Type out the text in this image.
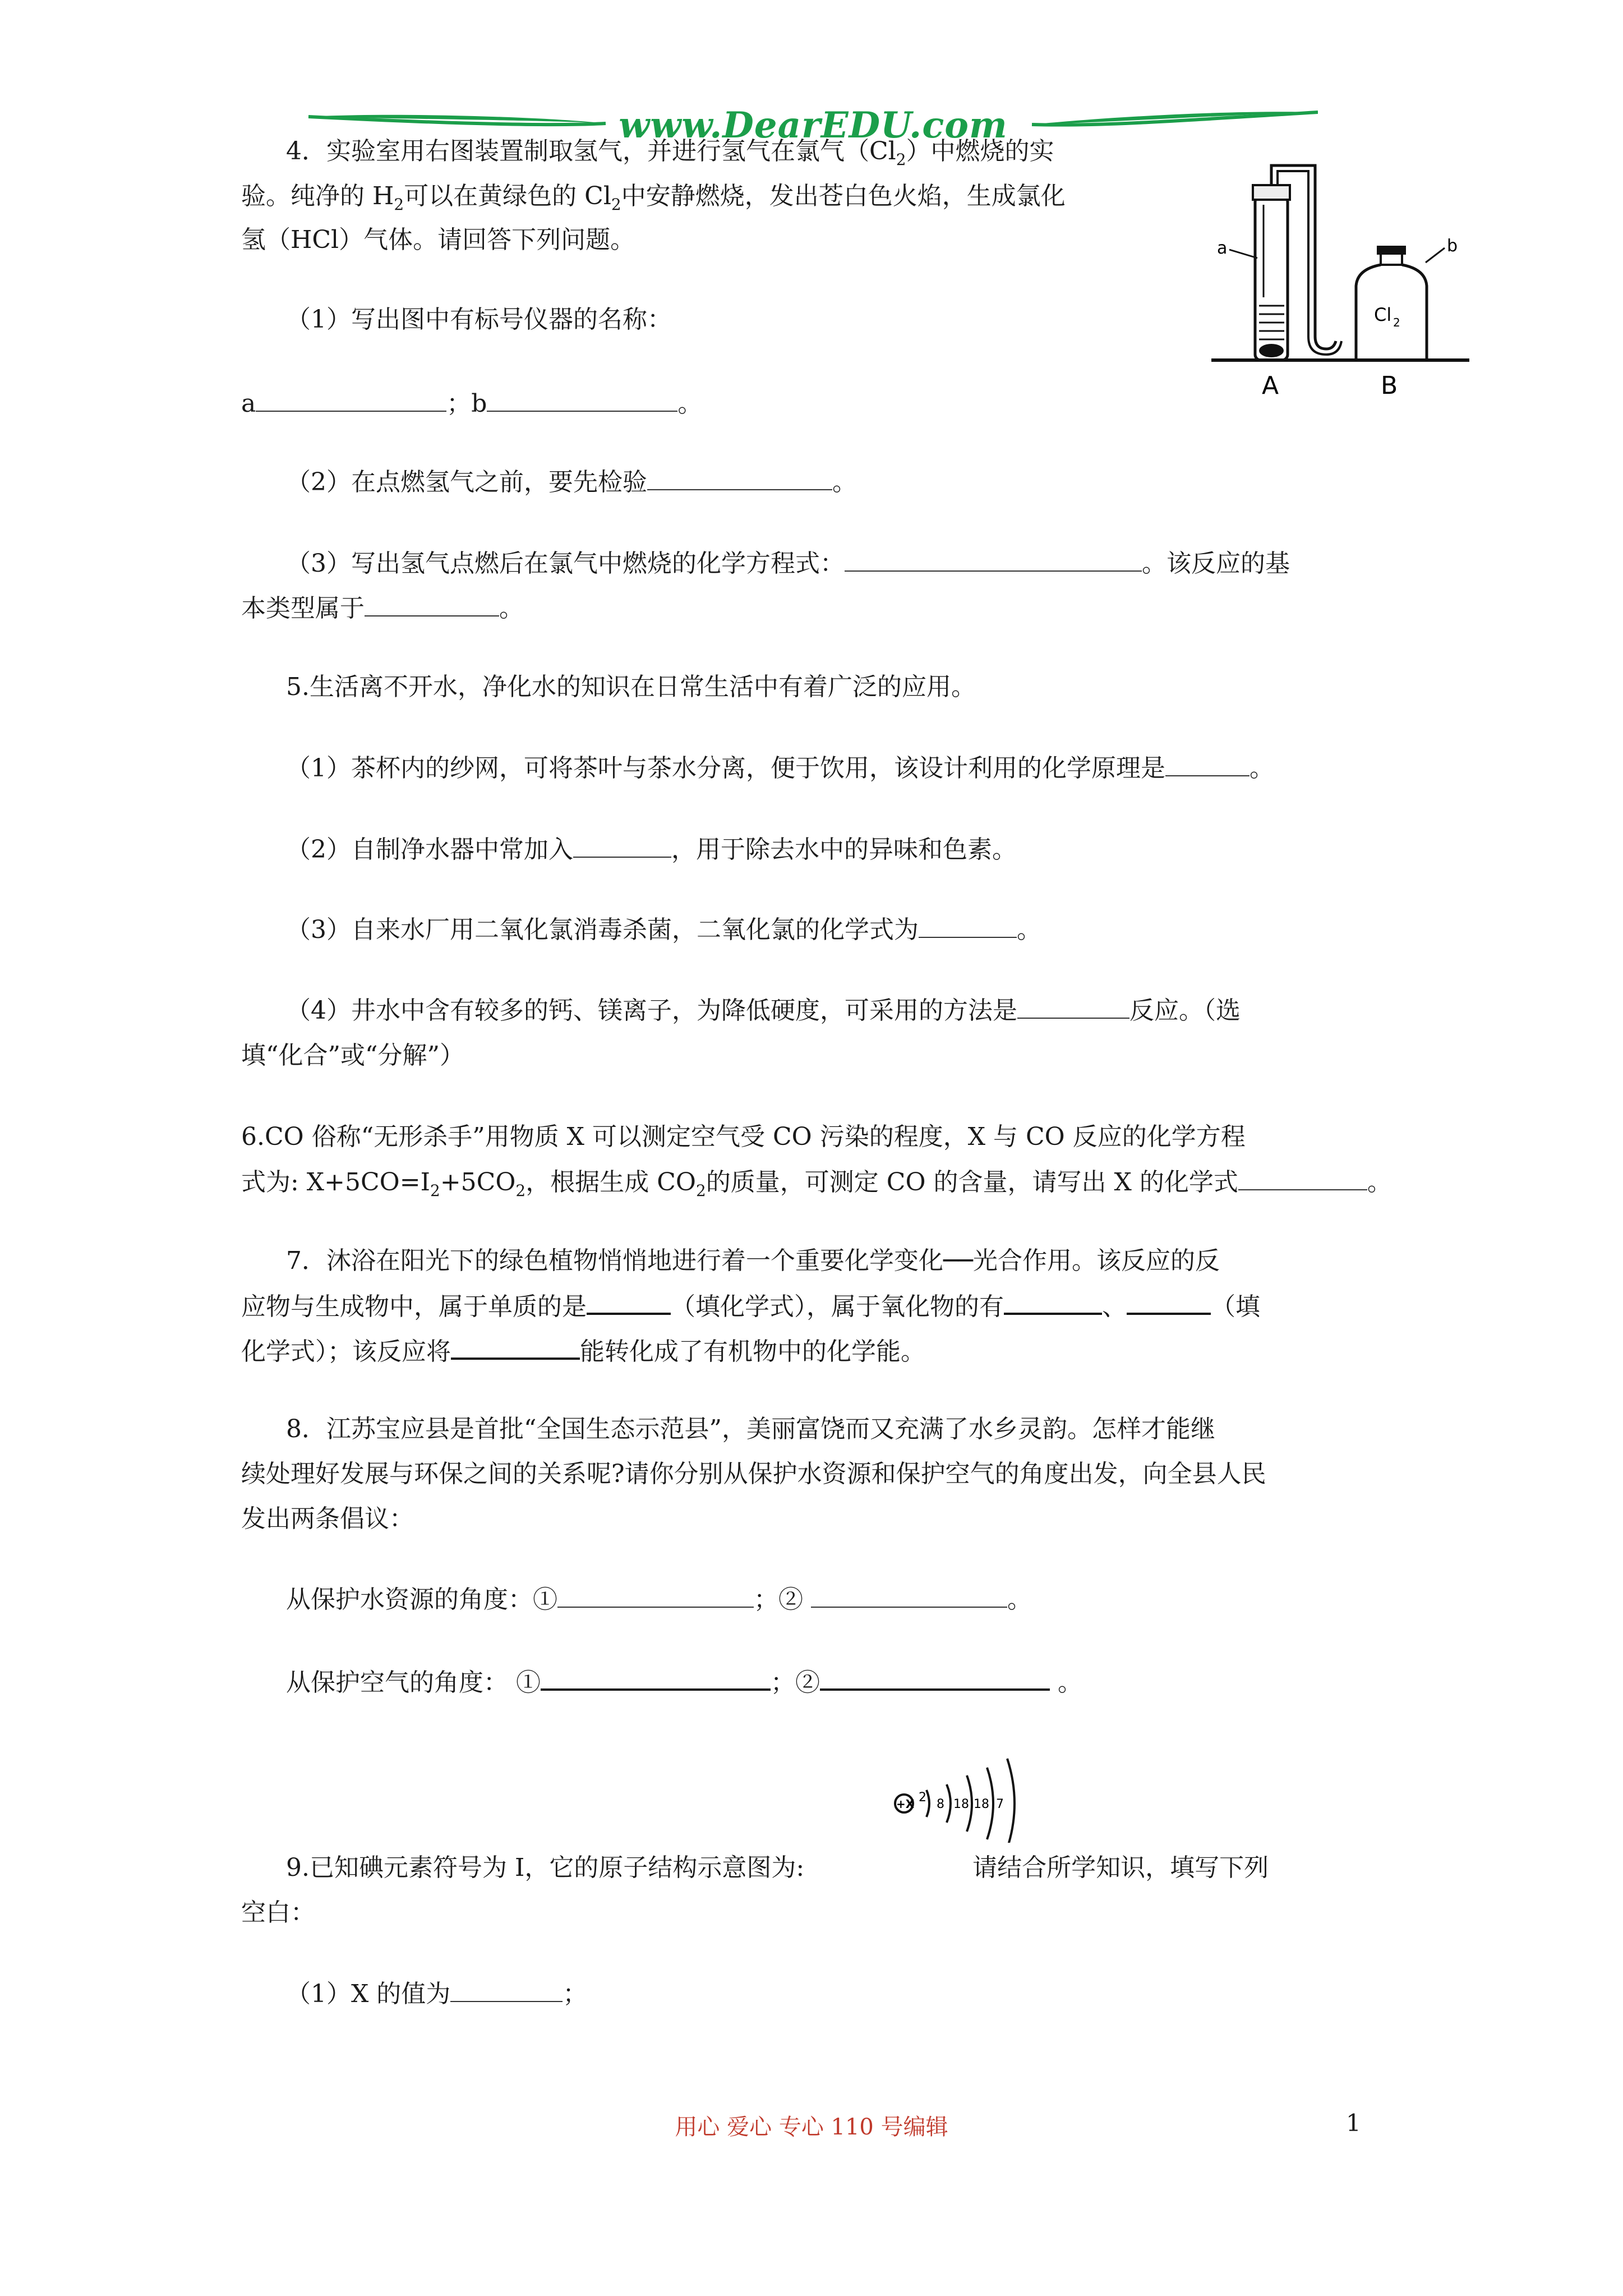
www.DearEDU.com
4．实验室用右图装置制取氢气，并进行氢气在氯气$(Cl_2)$中燃烧的实
验。纯净的 $H_2$可以在黄绿色的 $Cl_2$中安静燃烧，发出苍白色火焰，生成氯化
氢（HCl）气体。请回答下列问题。	a
Cl 2
b
A	B
（1）写出图中有标号仪器的名称：
a	；b	。
（2）在点燃氢气之前，要先检验	。
（3）写出氢气点燃后在氯气中燃烧的化学方程式：	。该反应的基
本类型属于	。
5.生活离不开水，净化水的知识在日常生活中有着广泛的应用。
（1）茶杯内的纱网，可将茶叶与茶水分离，便于饮用，该设计利用的化学原理是	。
（2）自制净水器中常加入	，用于除去水中的异味和色素。
（3）自来水厂用二氧化氯消毒杀菌，二氧化氯的化学式为	。
（4）井水中含有较多的钙、镁离子，为降低硬度，可采用的方法是	反应。（选
填“化合”或“分解”）
6.CO 俗称“无形杀手”用物质 X 可以测定空气受 CO 污染的程度，X 与 CO 反应的化学方程
式为: $X+5CO=I_2+5CO_2$，根据生成 $CO_2$的质量，可测定 CO 的含量，请写出 X 的化学式	。
7．沐浴在阳光下的绿色植物悄悄地进行着一个重要化学变化──光合作用。该反应的反
应物与生成物中，属于单质的是	（填化学式），属于氧化物的有	、	（填
化学式）；该反应将	能转化成了有机物中的化学能。
8．江苏宝应县是首批“全国生态示范县”，美丽富饶而又充满了水乡灵韵。怎样才能继
续处理好发展与环保之间的关系呢?请你分别从保护水资源和保护空气的角度出发，向全县人民
发出两条倡议：
从保护水资源的角度：①	；②	。
从保护空气的角度： ①	；②	。
+X 2 8 18 18 7
9.已知碘元素符号为 I，它的原子结构示意图为:	请结合所学知识，填写下列
空白：
（1）X 的值为	；
用心 爱心 专心 110 号编辑	1
